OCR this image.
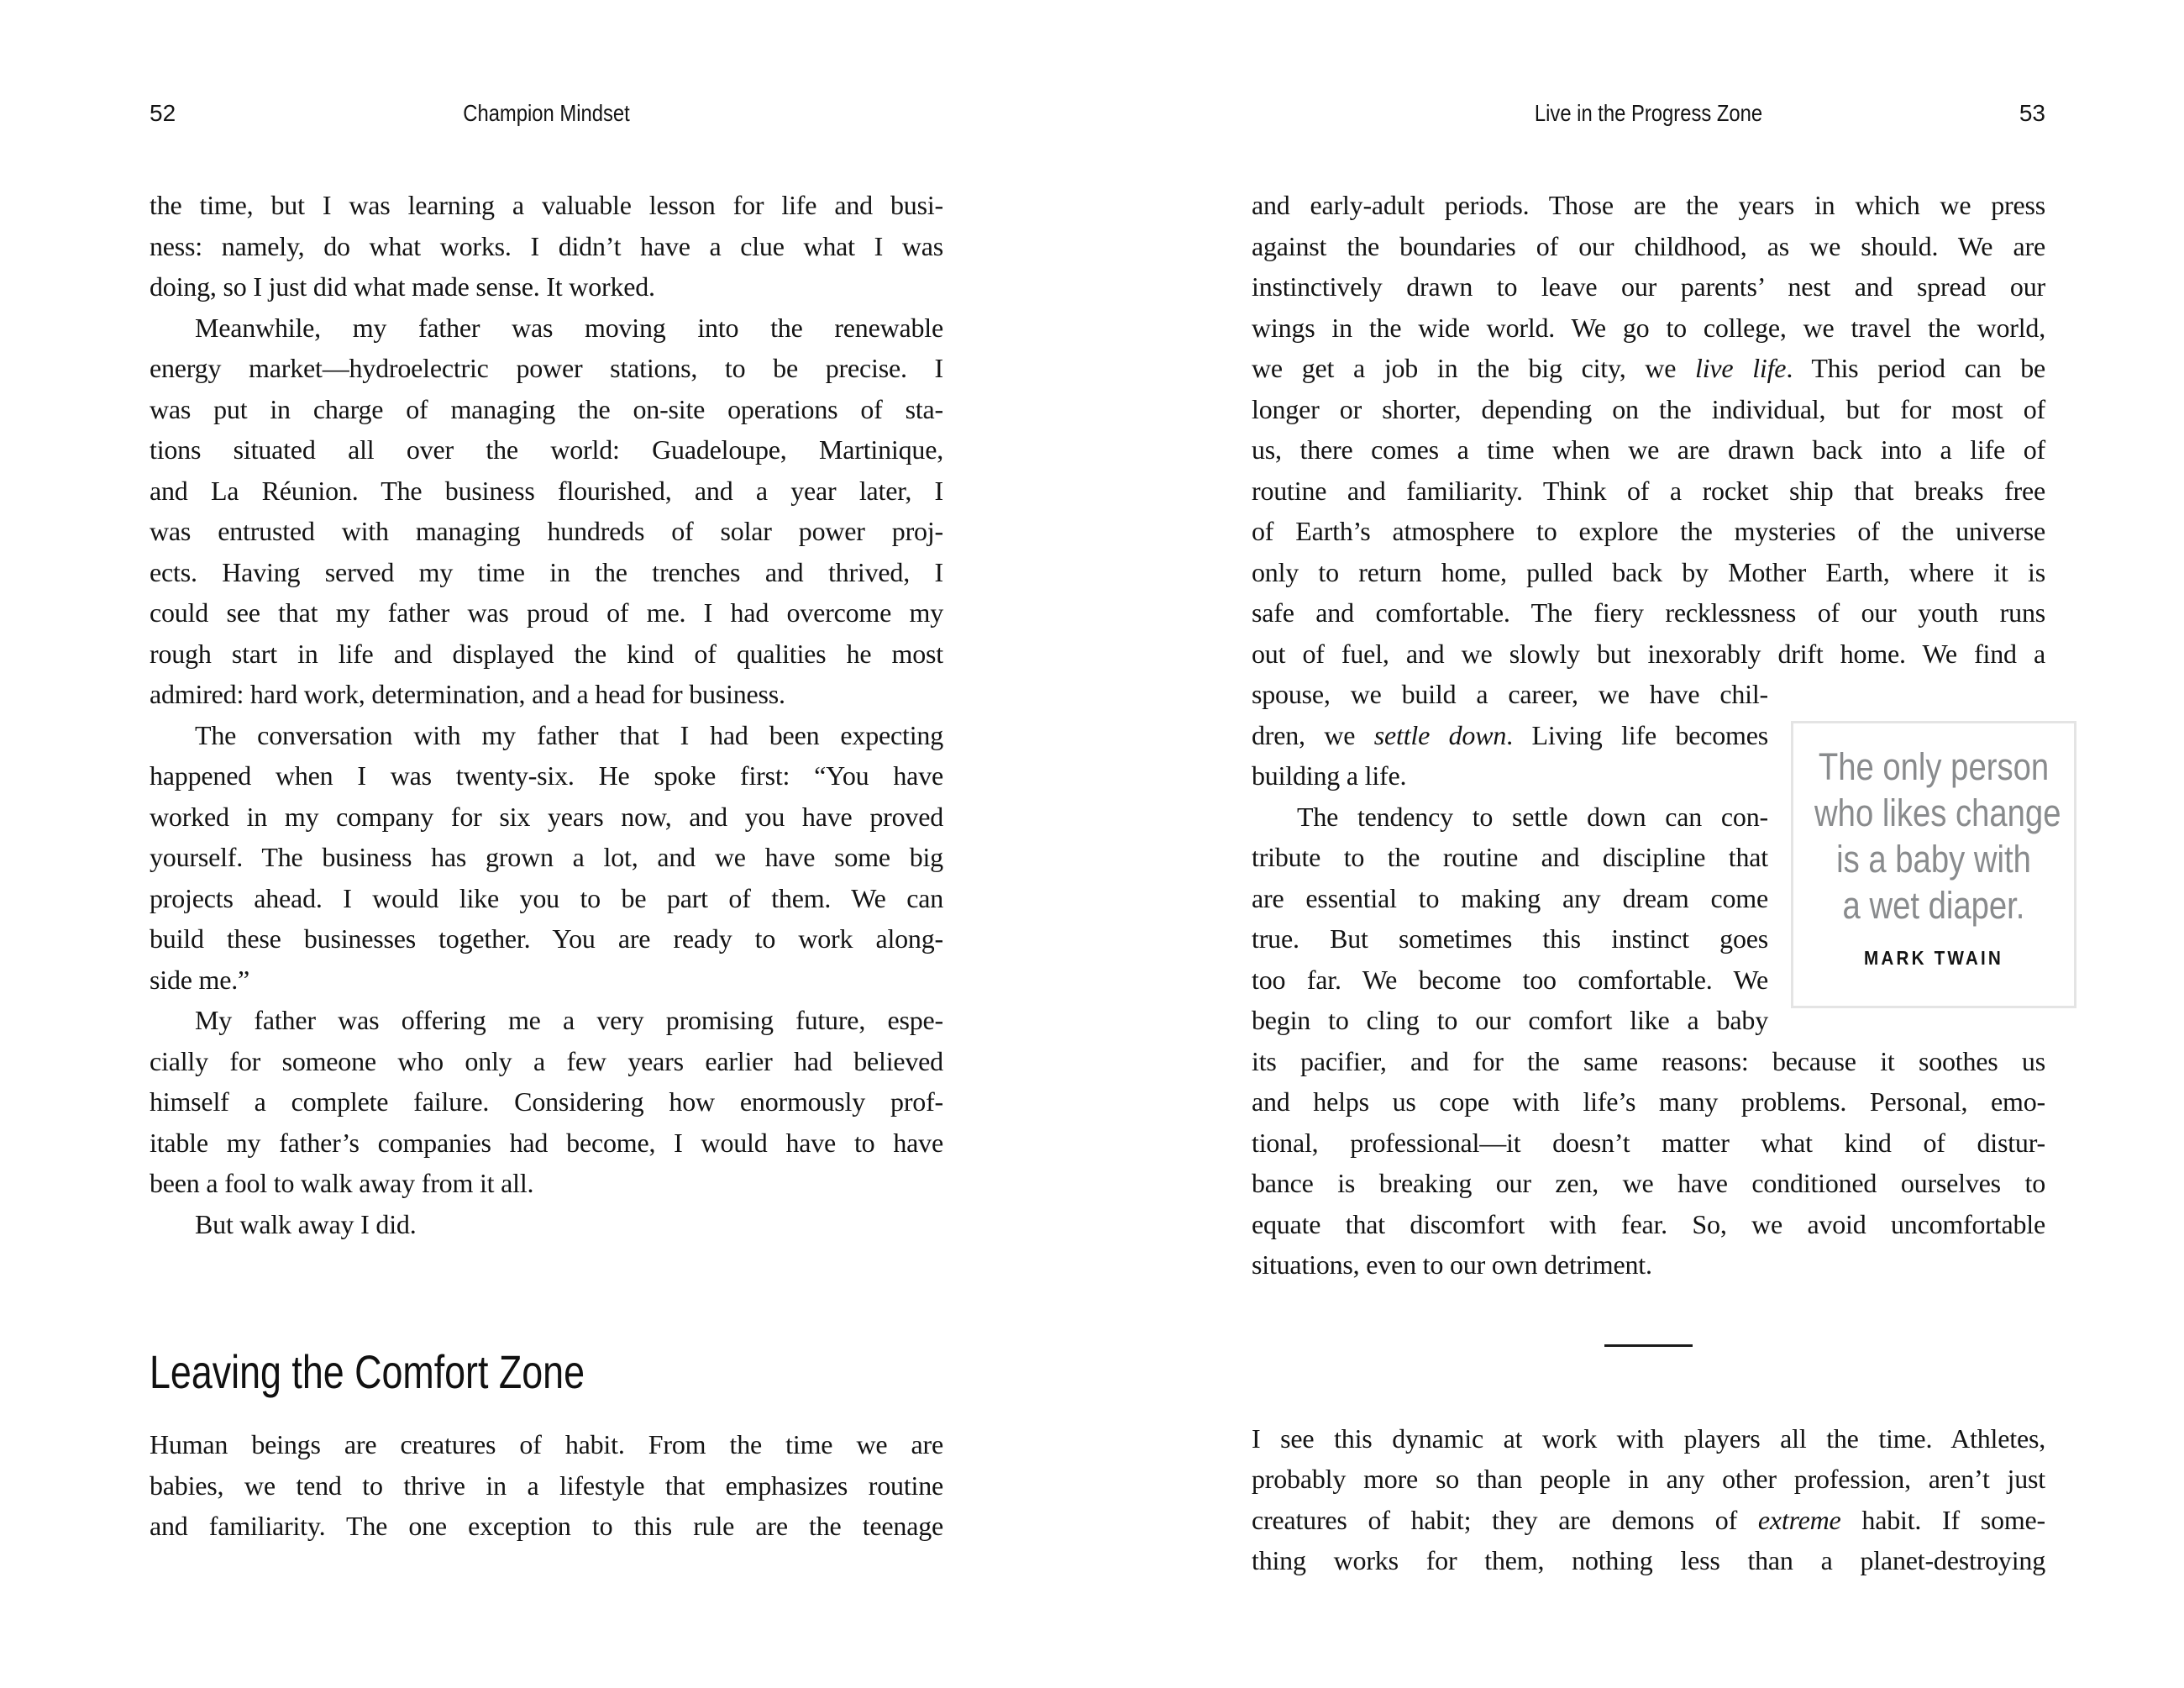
52	Champion Mindset	Live in the Progress Zone	53
the time, but I was learning a valuable lesson for life and busi-
ness: namely, do what works. I didn’t have a clue what I was
doing, so I just did what made sense. It worked.
Meanwhile, my father was moving into the renewable
energy market—hydroelectric power stations, to be precise. I
was put in charge of managing the on-site operations of sta-
tions situated all over the world: Guadeloupe, Martinique,
and La Réunion. The business flourished, and a year later, I
was entrusted with managing hundreds of solar power proj-
ects. Having served my time in the trenches and thrived, I
could see that my father was proud of me. I had overcome my
rough start in life and displayed the kind of qualities he most
admired: hard work, determination, and a head for business.
The conversation with my father that I had been expecting
happened when I was twenty-six. He spoke first: “You have
worked in my company for six years now, and you have proved
yourself. The business has grown a lot, and we have some big
projects ahead. I would like you to be part of them. We can
build these businesses together. You are ready to work along-
side me.”
My father was offering me a very promising future, espe-
cially for someone who only a few years earlier had believed
himself a complete failure. Considering how enormously prof-
itable my father’s companies had become, I would have to have
been a fool to walk away from it all.
But walk away I did.
Leaving the Comfort Zone
Human beings are creatures of habit. From the time we are
babies, we tend to thrive in a lifestyle that emphasizes routine
and familiarity. The one exception to this rule are the teenage
The only person
who likes change
is a baby with
a wet diaper.
MARK TWAIN
and early-adult periods. Those are the years in which we press
against the boundaries of our childhood, as we should. We are
instinctively drawn to leave our parents’ nest and spread our
wings in the wide world. We go to college, we travel the world,
we get a job in the big city, we live life. This period can be
longer or shorter, depending on the individual, but for most of
us, there comes a time when we are drawn back into a life of
routine and familiarity. Think of a rocket ship that breaks free
of Earth’s atmosphere to explore the mysteries of the universe
only to return home, pulled back by Mother Earth, where it is
safe and comfortable. The fiery recklessness of our youth runs
out of fuel, and we slowly but inexorably drift home. We find a
spouse, we build a career, we have chil-
dren, we settle down. Living life becomes
building a life.
The tendency to settle down can con-
tribute to the routine and discipline that
are essential to making any dream come
true. But sometimes this instinct goes
too far. We become too comfortable. We
begin to cling to our comfort like a baby
its pacifier, and for the same reasons: because it soothes us
and helps us cope with life’s many problems. Personal, emo-
tional, professional—it doesn’t matter what kind of distur-
bance is breaking our zen, we have conditioned ourselves to
equate that discomfort with fear. So, we avoid uncomfortable
situations, even to our own detriment.
I see this dynamic at work with players all the time. Athletes,
probably more so than people in any other profession, aren’t just
creatures of habit; they are demons of extreme habit. If some-
thing works for them, nothing less than a planet-destroying
